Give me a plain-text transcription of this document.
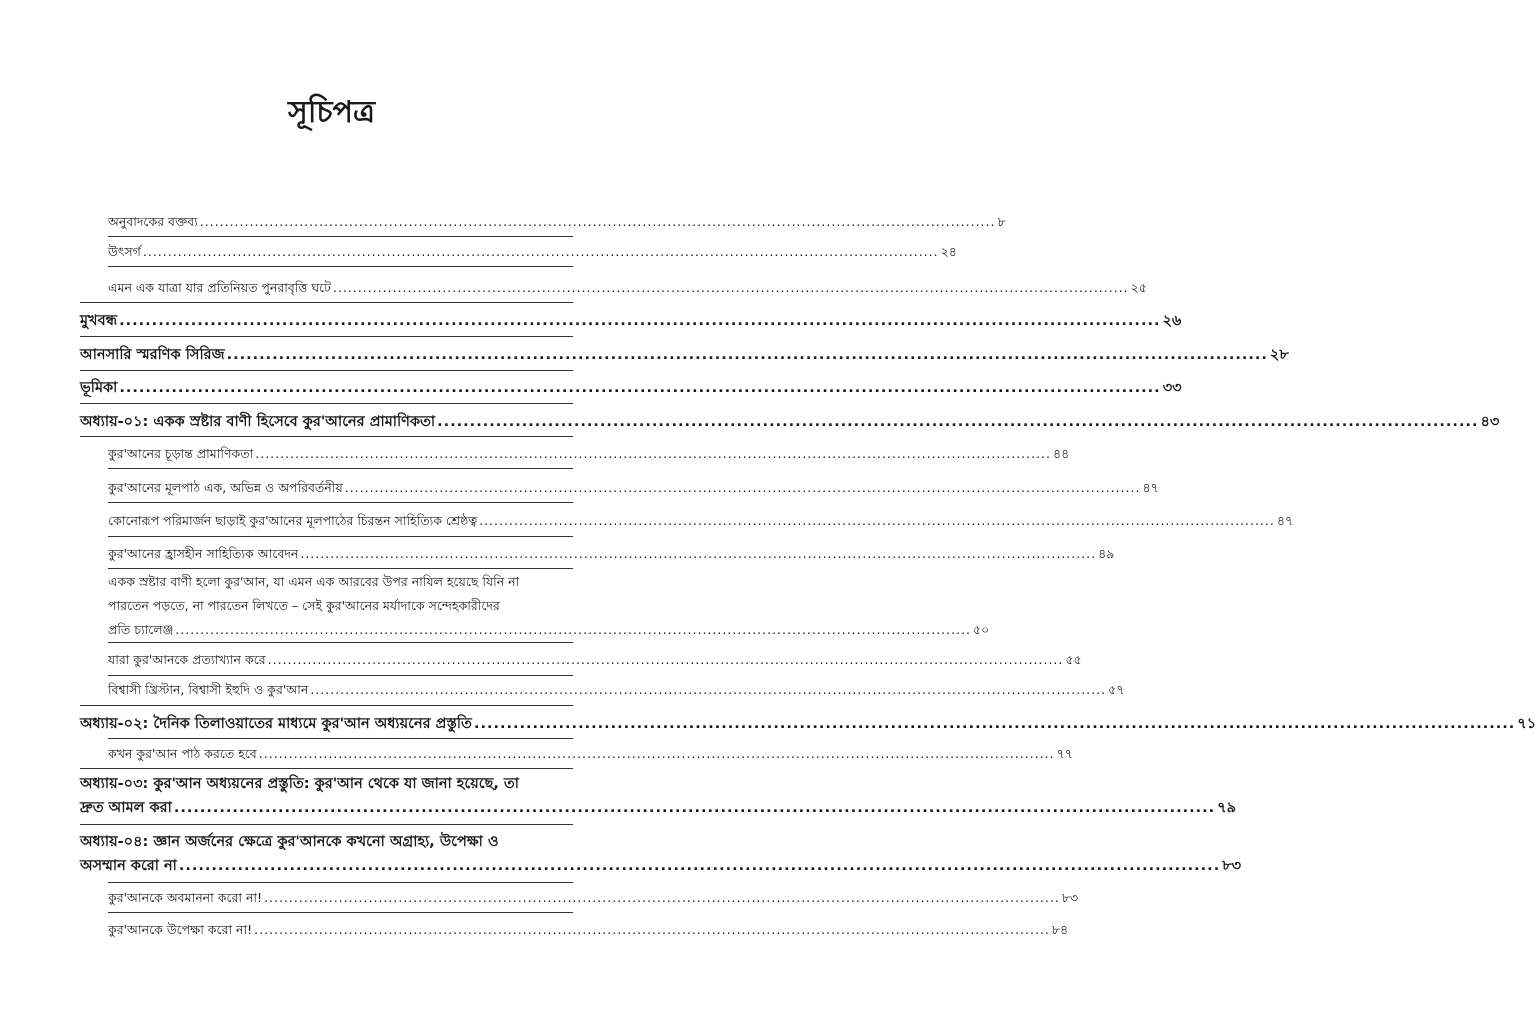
সূচিপত্র
অনুবাদকের বক্তব্য ................................................................................................................................................................ ৮
উৎসর্গ ................................................................................................................................................................ ২৪
এমন এক যাত্রা যার প্রতিনিয়ত পুনরাবৃত্তি ঘটে ................................................................................................................................................................ ২৫
মুখবন্ধ ................................................................................................................................................................ ২৬
আনসারি স্মরণিক সিরিজ ................................................................................................................................................................ ২৮
ভূমিকা ................................................................................................................................................................ ৩৩
অধ্যায়-০১: একক স্রষ্টার বাণী হিসেবে কুর'আনের প্রামাণিকতা ................................................................................................................................................................ ৪৩
কুর'আনের চূড়ান্ত প্রামাণিকতা ................................................................................................................................................................ ৪৪
কুর'আনের মূলপাঠ এক, অভিন্ন ও অপরিবর্তনীয় ................................................................................................................................................................ ৪৭
কোনোরূপ পরিমার্জন ছাড়াই কুর'আনের মূলপাঠের চিরন্তন সাহিত্যিক শ্রেষ্ঠত্ব ................................................................................................................................................................ ৪৭
কুর'আনের হ্রাসহীন সাহিত্যিক আবেদন ................................................................................................................................................................ ৪৯
একক স্রষ্টার বাণী হলো কুর'আন, যা এমন এক আরবের উপর নাযিল হয়েছে যিনি না
পারতেন পড়তে, না পারতেন লিখতে – সেই কুর'আনের মর্যাদাকে সন্দেহকারীদের
প্রতি চ্যালেঞ্জ ................................................................................................................................................................ ৫০
যারা কুর'আনকে প্রত্যাখ্যান করে ................................................................................................................................................................ ৫৫
বিশ্বাসী খ্রিস্টান, বিশ্বাসী ইহুদি ও কুর'আন ................................................................................................................................................................ ৫৭
অধ্যায়-০২: দৈনিক তিলাওয়াতের মাধ্যমে কুর'আন অধ্যয়নের প্রস্তুতি ................................................................................................................................................................ ৭১
কখন কুর'আন পাঠ করতে হবে ................................................................................................................................................................ ৭৭
অধ্যায়-০৩: কুর'আন অধ্যয়নের প্রস্তুতি: কুর'আন থেকে যা জানা হয়েছে, তা
দ্রুত আমল করা ................................................................................................................................................................ ৭৯
অধ্যায়-০৪: জ্ঞান অর্জনের ক্ষেত্রে কুর'আনকে কখনো অগ্রাহ্য, উপেক্ষা ও
অসম্মান করো না ................................................................................................................................................................ ৮৩
কুর'আনকে অবমাননা করো না! ................................................................................................................................................................ ৮৩
কুর'আনকে উপেক্ষা করো না! ................................................................................................................................................................ ৮৪
